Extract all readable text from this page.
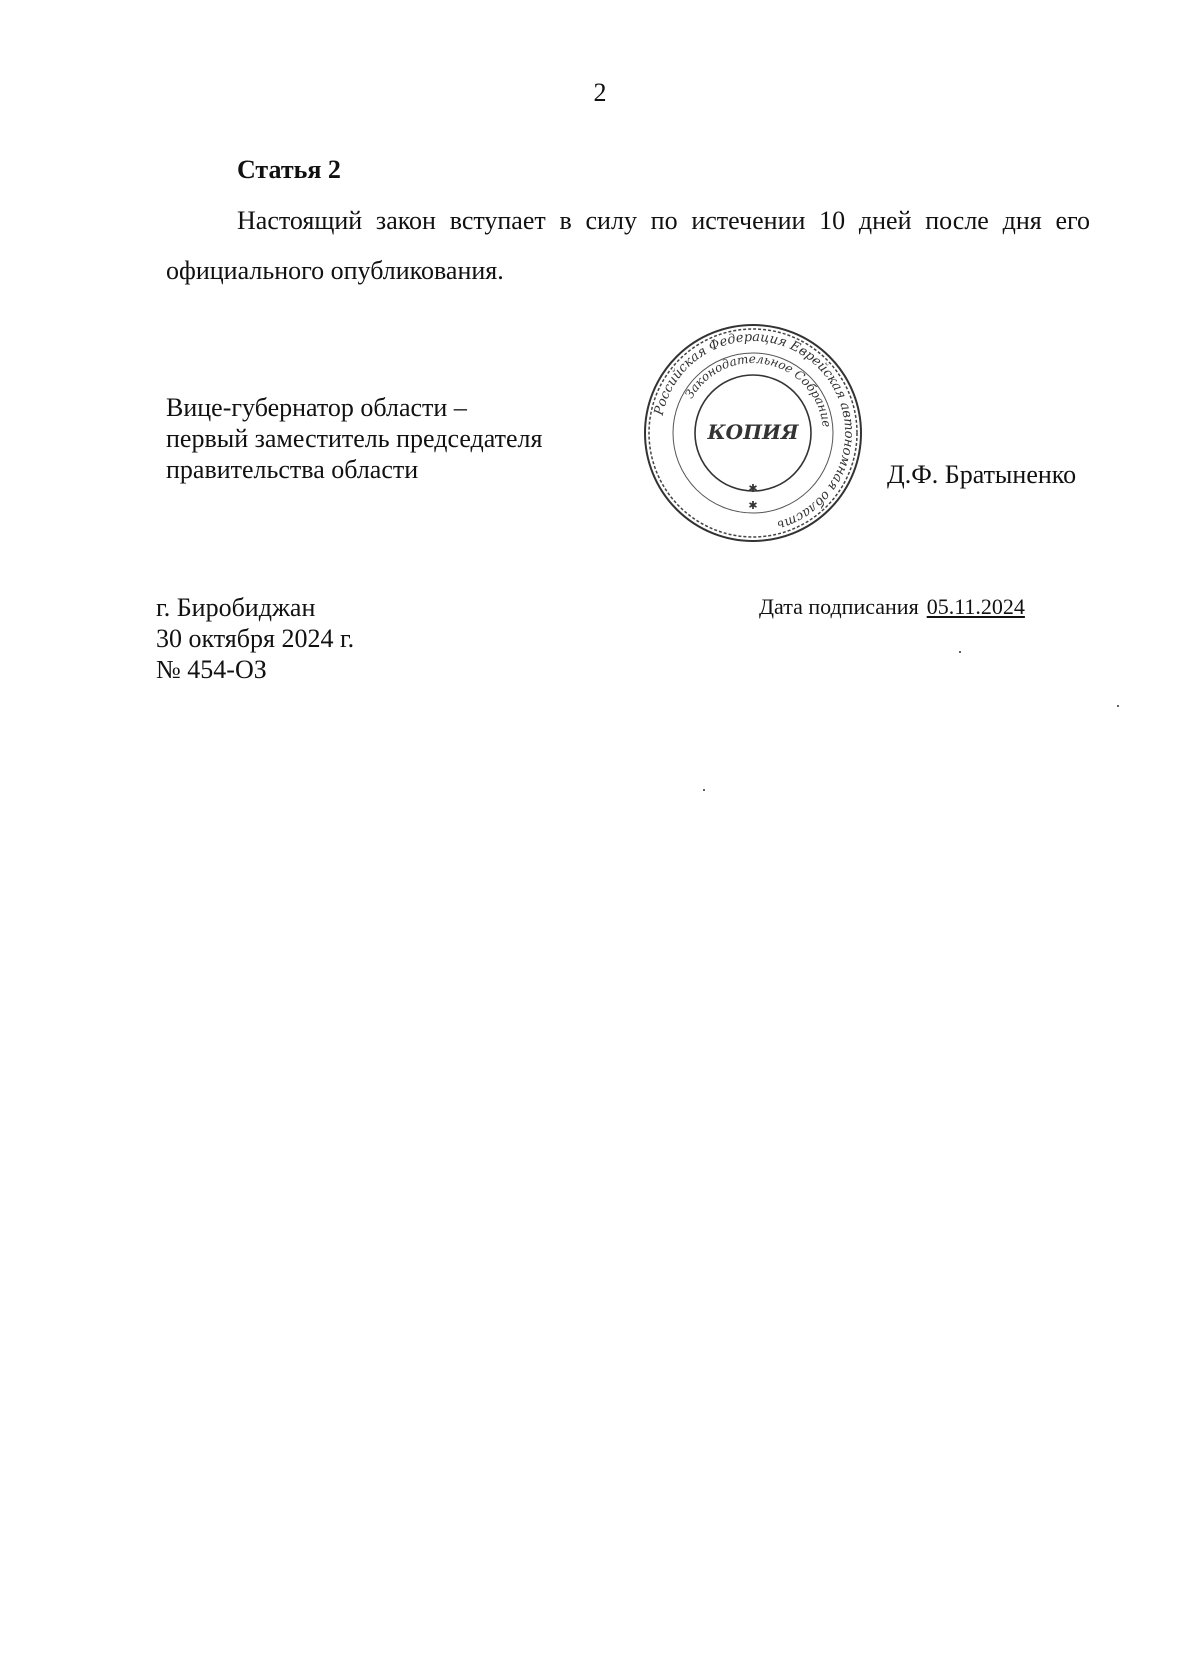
2
Статья 2
Настоящий закон вступает в силу по истечении 10 дней после дня его
официального опубликования.
Вице-губернатор области –
первый заместитель председателя
правительства области
Российская Федерация Еврейская автономная область
Законодательное Собрание
КОПИЯ
✱
✱
Д.Ф. Братыненко
г. Биробиджан
30 октября 2024 г.
№ 454-ОЗ
Дата подписания 05.11.2024
